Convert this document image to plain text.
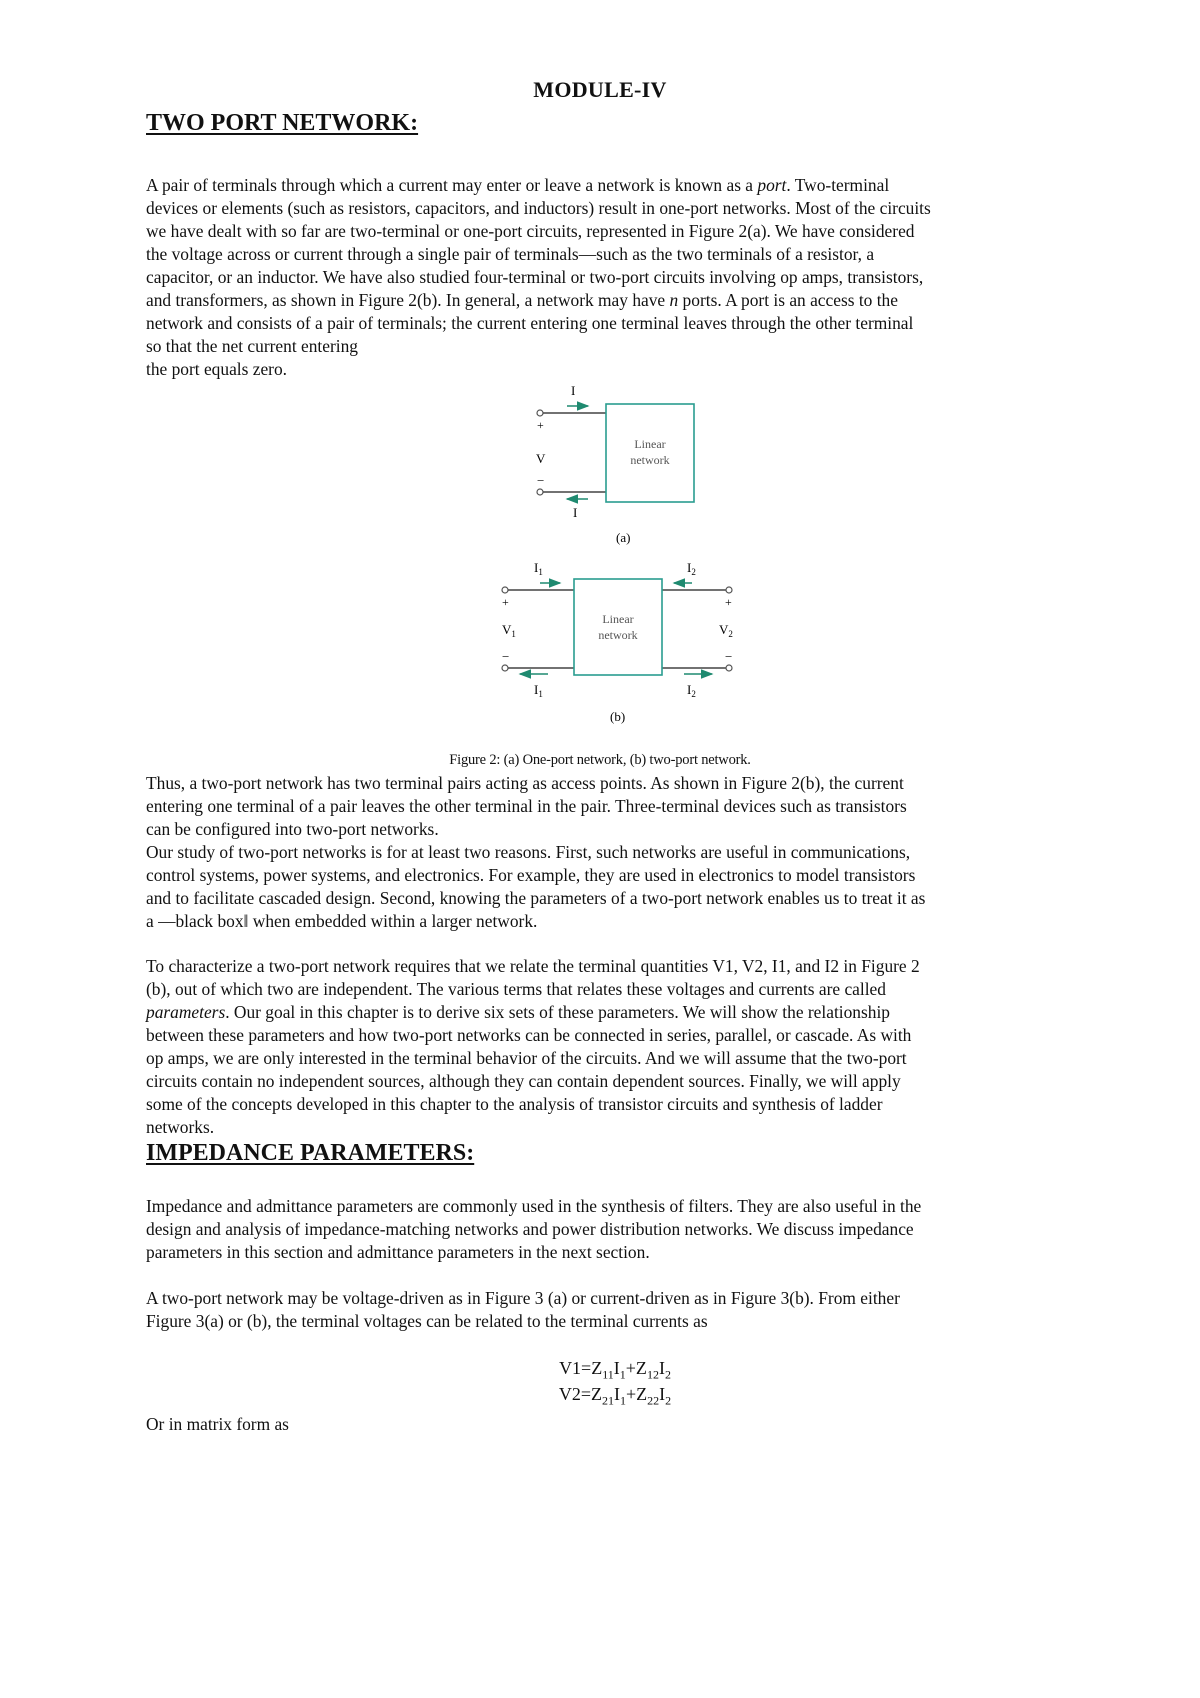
MODULE-IV
TWO PORT NETWORK:
A pair of terminals through which a current may enter or leave a network is known as a port. Two-terminal
devices or elements (such as resistors, capacitors, and inductors) result in one-port networks. Most of the circuits
we have dealt with so far are two-terminal or one-port circuits, represented in Figure 2(a). We have considered
the voltage across or current through a single pair of terminals—such as the two terminals of a resistor, a
capacitor, or an inductor. We have also studied four-terminal or two-port circuits involving op amps, transistors,
and transformers, as shown in Figure 2(b). In general, a network may have n ports. A port is an access to the
network and consists of a pair of terminals; the current entering one terminal leaves through the other terminal
so that the net current entering
the port equals zero.
I
I
+
V
−
Linear
network
(a)
$I_1$	$I_2$
$I_1$	$I_2$
+	+
−	−
$V_1$	$V_2$
Linear
network
(b)
Figure 2: (a) One-port network, (b) two-port network.
Thus, a two-port network has two terminal pairs acting as access points. As shown in Figure 2(b), the current
entering one terminal of a pair leaves the other terminal in the pair. Three-terminal devices such as transistors
can be configured into two-port networks.
Our study of two-port networks is for at least two reasons. First, such networks are useful in communications,
control systems, power systems, and electronics. For example, they are used in electronics to model transistors
and to facilitate cascaded design. Second, knowing the parameters of a two-port network enables us to treat it as
a ―black box‖ when embedded within a larger network.
To characterize a two-port network requires that we relate the terminal quantities V1, V2, I1, and I2 in Figure 2
(b), out of which two are independent. The various terms that relates these voltages and currents are called
parameters. Our goal in this chapter is to derive six sets of these parameters. We will show the relationship
between these parameters and how two-port networks can be connected in series, parallel, or cascade. As with
op amps, we are only interested in the terminal behavior of the circuits. And we will assume that the two-port
circuits contain no independent sources, although they can contain dependent sources. Finally, we will apply
some of the concepts developed in this chapter to the analysis of transistor circuits and synthesis of ladder
networks.
IMPEDANCE PARAMETERS:
Impedance and admittance parameters are commonly used in the synthesis of filters. They are also useful in the
design and analysis of impedance-matching networks and power distribution networks. We discuss impedance
parameters in this section and admittance parameters in the next section.
A two-port network may be voltage-driven as in Figure 3 (a) or current-driven as in Figure 3(b). From either
Figure 3(a) or (b), the terminal voltages can be related to the terminal currents as
$V1=Z_{11}I_1+Z_{12}I_2$
$V2=Z_{21}I_1+Z_{22}I_2$
Or in matrix form as
